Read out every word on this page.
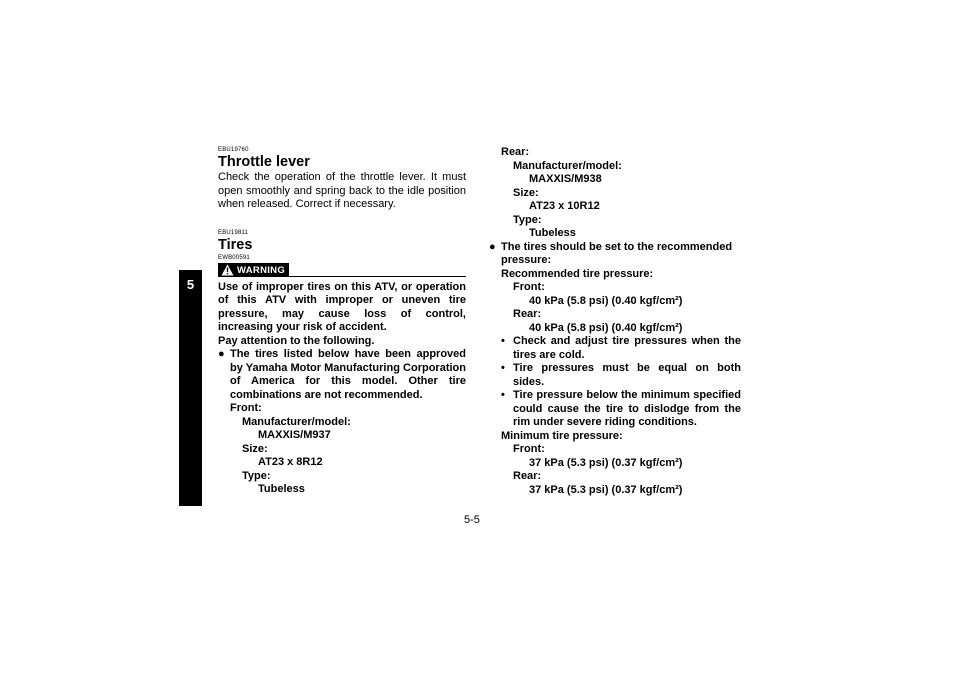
5
EBU19760
Throttle lever

Check the operation of the throttle lever. It must open smoothly and spring back to the idle position when released. Correct if necessary.

EBU19811
Tires
EWB00591
WARNING
Use of improper tires on this ATV, or operation of this ATV with improper or uneven tire pressure, may cause loss of control, increasing your risk of accident.
Pay attention to the following.
● The tires listed below have been approved by Yamaha Motor Manufacturing Corporation of America for this model. Other tire combinations are not recommended.
Front:
Manufacturer/model:
MAXXIS/M937
Size:
AT23 x 8R12
Type:
Tubeless
Rear:
Manufacturer/model:
MAXXIS/M938
Size:
AT23 x 10R12
Type:
Tubeless
● The tires should be set to the recommended pressure:
Recommended tire pressure:
Front:
40 kPa (5.8 psi) (0.40 kgf/cm²)
Rear:
40 kPa (5.8 psi) (0.40 kgf/cm²)
• Check and adjust tire pressures when the tires are cold.
• Tire pressures must be equal on both sides.
• Tire pressure below the minimum specified could cause the tire to dislodge from the rim under severe riding conditions.
Minimum tire pressure:
Front:
37 kPa (5.3 psi) (0.37 kgf/cm²)
Rear:
37 kPa (5.3 psi) (0.37 kgf/cm²)
5-5
